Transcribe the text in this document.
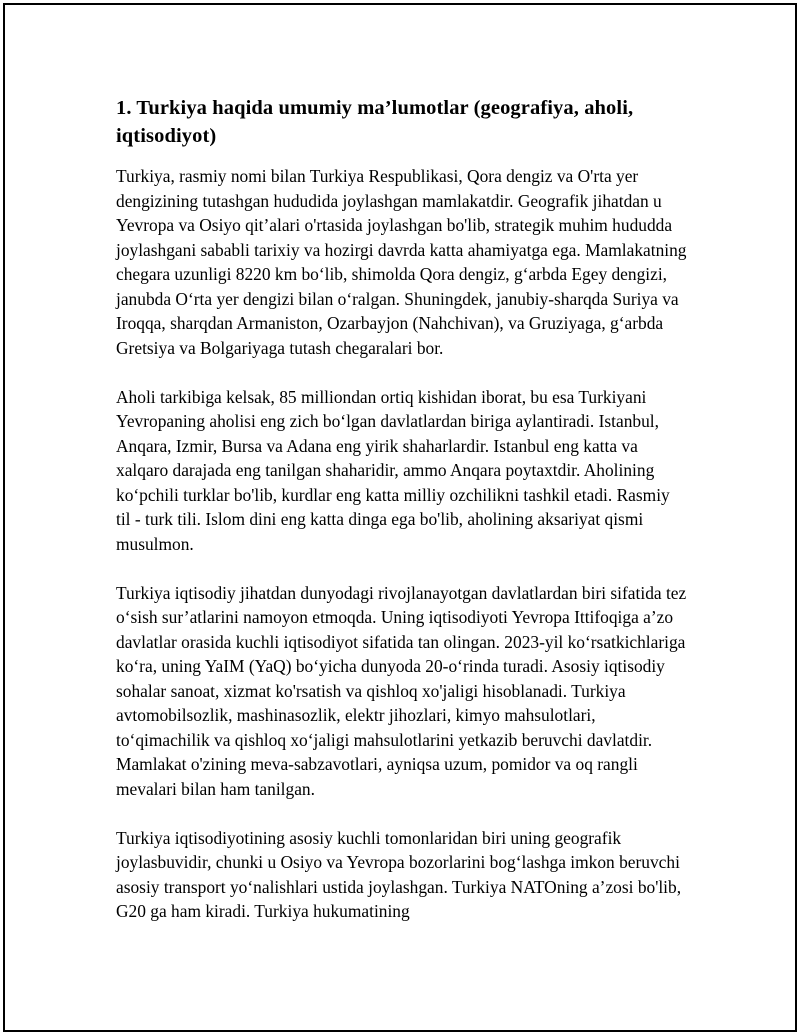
1. Turkiya haqida umumiy ma’lumotlar (geografiya, aholi, iqtisodiyot)

Turkiya, rasmiy nomi bilan Turkiya Respublikasi, Qora dengiz va O'rta yer dengizining tutashgan hududida joylashgan mamlakatdir. Geografik jihatdan u Yevropa va Osiyo qit’alari o'rtasida joylashgan bo'lib, strategik muhim hududda joylashgani sababli tarixiy va hozirgi davrda katta ahamiyatga ega. Mamlakatning chegara uzunligi 8220 km bo‘lib, shimolda Qora dengiz, g‘arbda Egey dengizi, janubda O‘rta yer dengizi bilan o‘ralgan. Shuningdek, janubiy-sharqda Suriya va Iroqqa, sharqdan Armaniston, Ozarbayjon (Nahchivan), va Gruziyaga, g‘arbda Gretsiya va Bolgariyaga tutash chegaralari bor.

Aholi tarkibiga kelsak, 85 milliondan ortiq kishidan iborat, bu esa Turkiyani Yevropaning aholisi eng zich bo‘lgan davlatlardan biriga aylantiradi. Istanbul, Anqara, Izmir, Bursa va Adana eng yirik shaharlardir. Istanbul eng katta va xalqaro darajada eng tanilgan shaharidir, ammo Anqara poytaxtdir. Aholining ko‘pchili turklar bo'lib, kurdlar eng katta milliy ozchilikni tashkil etadi. Rasmiy til - turk tili. Islom dini eng katta dinga ega bo'lib, aholining aksariyat qismi musulmon.

Turkiya iqtisodiy jihatdan dunyodagi rivojlanayotgan davlatlardan biri sifatida tez o‘sish sur’atlarini namoyon etmoqda. Uning iqtisodiyoti Yevropa Ittifoqiga a’zo davlatlar orasida kuchli iqtisodiyot sifatida tan olingan. 2023-yil ko‘rsatkichlariga ko‘ra, uning YaIM (YaQ) bo‘yicha dunyoda 20-o‘rinda turadi. Asosiy iqtisodiy sohalar sanoat, xizmat ko'rsatish va qishloq xo'jaligi hisoblanadi. Turkiya avtomobilsozlik, mashinasozlik, elektr jihozlari, kimyo mahsulotlari, to‘qimachilik va qishloq xo‘jaligi mahsulotlarini yetkazib beruvchi davlatdir. Mamlakat o'zining meva-sabzavotlari, ayniqsa uzum, pomidor va oq rangli mevalari bilan ham tanilgan.

Turkiya iqtisodiyotining asosiy kuchli tomonlaridan biri uning geografik joylasbuvidir, chunki u Osiyo va Yevropa bozorlarini bog‘lashga imkon beruvchi asosiy transport yo‘nalishlari ustida joylashgan. Turkiya NATOning a’zosi bo'lib, G20 ga ham kiradi. Turkiya hukumatining
